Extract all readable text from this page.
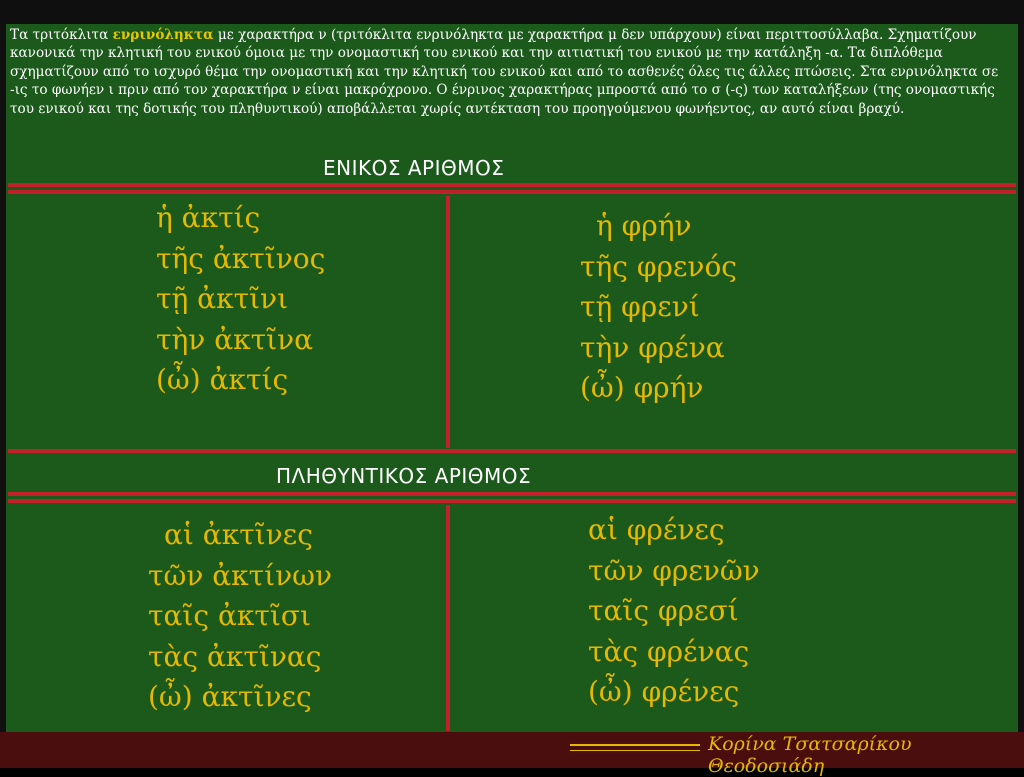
Τα τριτόκλιτα ενρινόληκτα με χαρακτήρα ν (τριτόκλιτα ενρινόληκτα με χαρακτήρα μ δεν υπάρχουν) είναι περιττοσύλλαβα. Σχηματίζουν κανονικά την κλητική του ενικού όμοια με την ονομαστική του ενικού και την αιτιατική του ενικού με την κατάληξη -α. Τα διπλόθεμα σχηματίζουν από το ισχυρό θέμα την ονομαστική και την κλητική του ενικού και από το ασθενές όλες τις άλλες πτώσεις. Στα ενρινόληκτα σε -ις το φωνήεν ι πριν από τον χαρακτήρα ν είναι μακρόχρονο. Ο ένρινος χαρακτήρας μπροστά από το σ (-ς) των καταλήξεων (της ονομαστικής του ενικού και της δοτικής του πληθυντικού) αποβάλλεται χωρίς αντέκταση του προηγούμενου φωνήεντος, αν αυτό είναι βραχύ.
ΕΝΙΚΟΣ ΑΡΙΘΜΟΣ
ἡ ἀκτίς
τῆς ἀκτῖνος
τῇ ἀκτῖνι
τὴν ἀκτῖνα
(ὦ) ἀκτίς
ἡ φρήν
τῆς φρενός
τῇ φρενί
τὴν φρένα
(ὦ) φρήν
ΠΛΗΘΥΝΤΙΚΟΣ ΑΡΙΘΜΟΣ
αἱ ἀκτῖνες
τῶν ἀκτίνων
ταῖς ἀκτῖσι
τὰς ἀκτῖνας
(ὦ) ἀκτῖνες
αἱ φρένες
τῶν φρενῶν
ταῖς φρεσί
τὰς φρένας
(ὦ) φρένες
Κορίνα Τσατσαρίκου Θεοδοσιάδη
